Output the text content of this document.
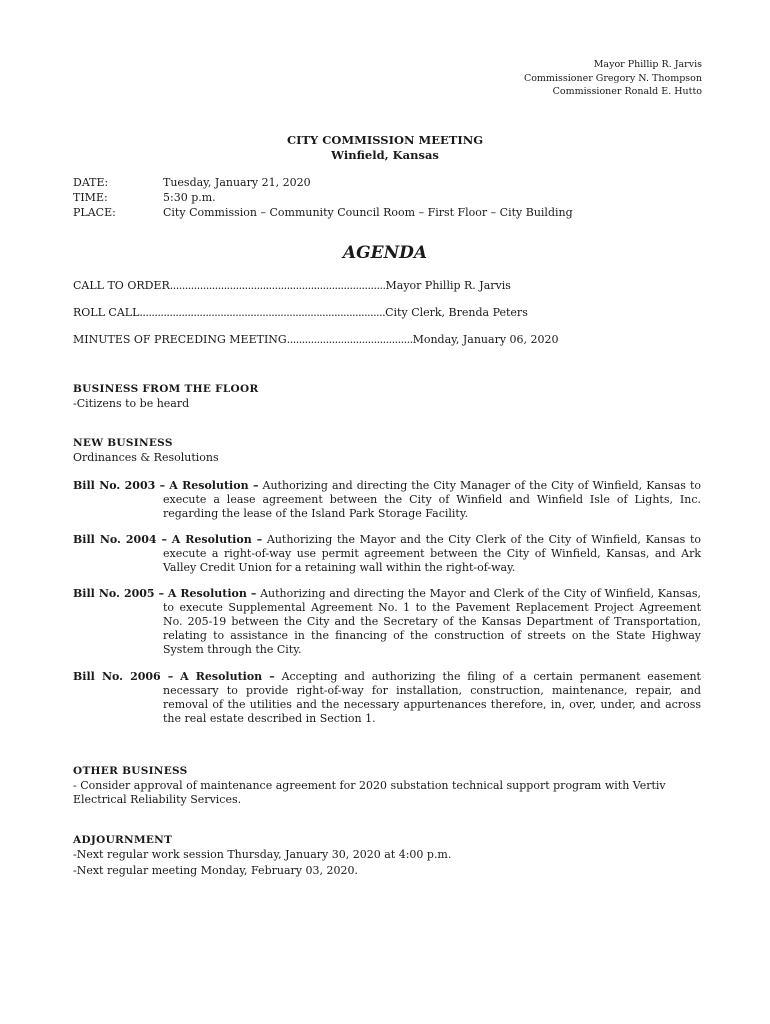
Mayor Phillip R. Jarvis
Commissioner Gregory N. Thompson
Commissioner Ronald E. Hutto
CITY COMMISSION MEETING
Winfield, Kansas
DATE:	Tuesday, January 21, 2020
TIME:	5:30 p.m.
PLACE:	City Commission – Community Council Room – First Floor – City Building
AGENDA
CALL TO ORDER........................................................................Mayor Phillip R. Jarvis
ROLL CALL..................................................................................City Clerk, Brenda Peters
MINUTES OF PRECEDING MEETING..........................................Monday, January 06, 2020
BUSINESS FROM THE FLOOR
-Citizens to be heard
NEW BUSINESS
Ordinances & Resolutions
Bill No. 2003 – A Resolution – Authorizing and directing the City Manager of the City of Winfield, Kansas to execute a lease agreement between the City of Winfield and Winfield Isle of Lights, Inc. regarding the lease of the Island Park Storage Facility.
Bill No. 2004 – A Resolution – Authorizing the Mayor and the City Clerk of the City of Winfield, Kansas to execute a right-of-way use permit agreement between the City of Winfield, Kansas, and Ark Valley Credit Union for a retaining wall within the right-of-way.
Bill No. 2005 – A Resolution – Authorizing and directing the Mayor and Clerk of the City of Winfield, Kansas, to execute Supplemental Agreement No. 1 to the Pavement Replacement Project Agreement No. 205-19 between the City and the Secretary of the Kansas Department of Transportation, relating to assistance in the financing of the construction of streets on the State Highway System through the City.
Bill No. 2006 – A Resolution – Accepting and authorizing the filing of a certain permanent easement necessary to provide right-of-way for installation, construction, maintenance, repair, and removal of the utilities and the necessary appurtenances therefore, in, over, under, and across the real estate described in Section 1.
OTHER BUSINESS
- Consider approval of maintenance agreement for 2020 substation technical support program with Vertiv
Electrical Reliability Services.
ADJOURNMENT
-Next regular work session Thursday, January 30, 2020 at 4:00 p.m.
-Next regular meeting Monday, February 03, 2020.
